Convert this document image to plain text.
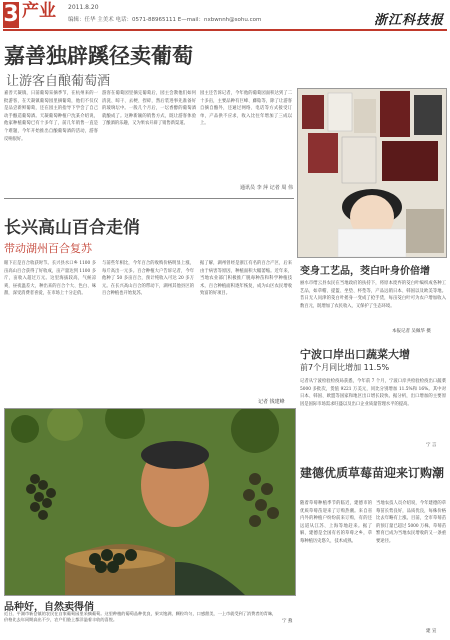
3 产业 2011.8.20
编辑：任华 主美术 电话：0571-88965111 E—mail：nxbwnnh@sohu.com	浙江科技报
嘉善独辟蹊径卖葡萄
让游客自酿葡萄酒
嘉善天凝镇，日前葡萄采摘季节，在杭州来的一批游客，在天凝镇葡萄园里摘葡萄，他们不仅仅是品尝新鲜葡萄，还在园主的指导下学会了自己动手酿造葡萄酒。天凝葡萄种植户沈某介绍说，他家种植葡萄已有十多年了，前几年销售一直是个难题，今年开始推出自酿葡萄酒的活动，游客反响很好。
游客在葡萄园里摘完葡萄后，园主会教他们如何清洗、晾干、去梗、捏碎，然后装进事先准备好的玻璃坛中。一般几个月后，一坛香醇的葡萄酒就酿成了。这种新颖的销售方式，既让游客体验了酿酒的乐趣，又为果农开辟了销售新渠道。
园主还告诉记者，今年他的葡萄园面积达到了二十多亩，主要品种有巨峰、藤稔等，除了让游客自摘自酿外，还通过网络、电话等方式接受订单，产品供不应求，收入比往年增加了三成以上。
通讯员 李 萍 记者 周 伟
长兴高山百合走俏
带动湖州百合复苏
眼下正是百合收获时节。长兴县水口乡 1100 多亩高山百合获得了好收成，亩产量达到 1100 多斤，亩收入超过万元。这里海拔较高，气候凉爽，昼夜温差大，种出来的百合个大、色白、味甜，深受消费者喜爱，在市场上十分走俏。
与前些年相比，今年百合的收购价格明显上涨，每斤高出一元多。百合种植大户告诉记者，今年他种了 50 多亩百合，预计纯收入可达 20 多万元。在长兴高山百合的带动下，湖州其他县区的百合种植也开始复苏。
据了解，湖州曾经是浙江有名的百合产区，后来由于病害等原因，种植面积大幅萎缩。近年来，当地农业部门积极推广脱毒种苗和科学种植技术，百合种植面积逐年恢复，成为山区农民增收致富的好项目。
记者 钱建峰
品种好，自然卖得俏
近日，平湖市新仓镇的农民在自家葡萄园里采摘葡萄。这里种植的葡萄品种优良，果实饱满，颗粒均匀，口感甜美，一上市就受到了消费者的青睐，价格比去年同期高出不少，农户们脸上都洋溢着丰收的喜悦。	宁 燕
变身工艺品，茭白叶身价倍增
丽水市缙云县农民在当地政府的扶持下，将原本废弃的茭白叶编织成各种工艺品，如草帽、提篮、坐垫、杯垫等，产品远销日本、韩国以及欧美等地。昔日无人问津的茭白叶摇身一变成了抢手货，每亩茭白叶可为农户增加收入数百元，既增加了农民收入，又保护了生态环境。
本报记者 吴佩华 摄
宁波口岸出口蔬菜大增
前7个月同比增加 11.5%
记者从宁波检验检疫局获悉，今年前 7 个月，宁波口岸共检验检疫出口蔬菜 5000 多批次，货值 9221 万美元，同比分别增加 11.5%和 16%。其中对日本、韩国、欧盟等国家和地区出口增长较快。据分析，出口增加的主要原因是国际市场需求旺盛以及出口企业质量管理水平的提高。
宁 言
建德优质草莓苗迎来订购潮
随着草莓种植季节的临近，建德市的优质草莓苗迎来了订购热潮。来自省内外的种植户纷纷前来订购，有的还远道从江苏、上海等地赶来。据了解，建德是全国有名的草莓之乡，草莓种植历史悠久，技术成熟。
当地农技人员介绍说，今年建德的草莓苗长势良好，品质优良，每株价格比去年略有上涨。目前，全市草莓苗的预订量已超过 5000 万株，草莓苗繁育已成为当地农民增收的又一条重要途径。
建 宣
